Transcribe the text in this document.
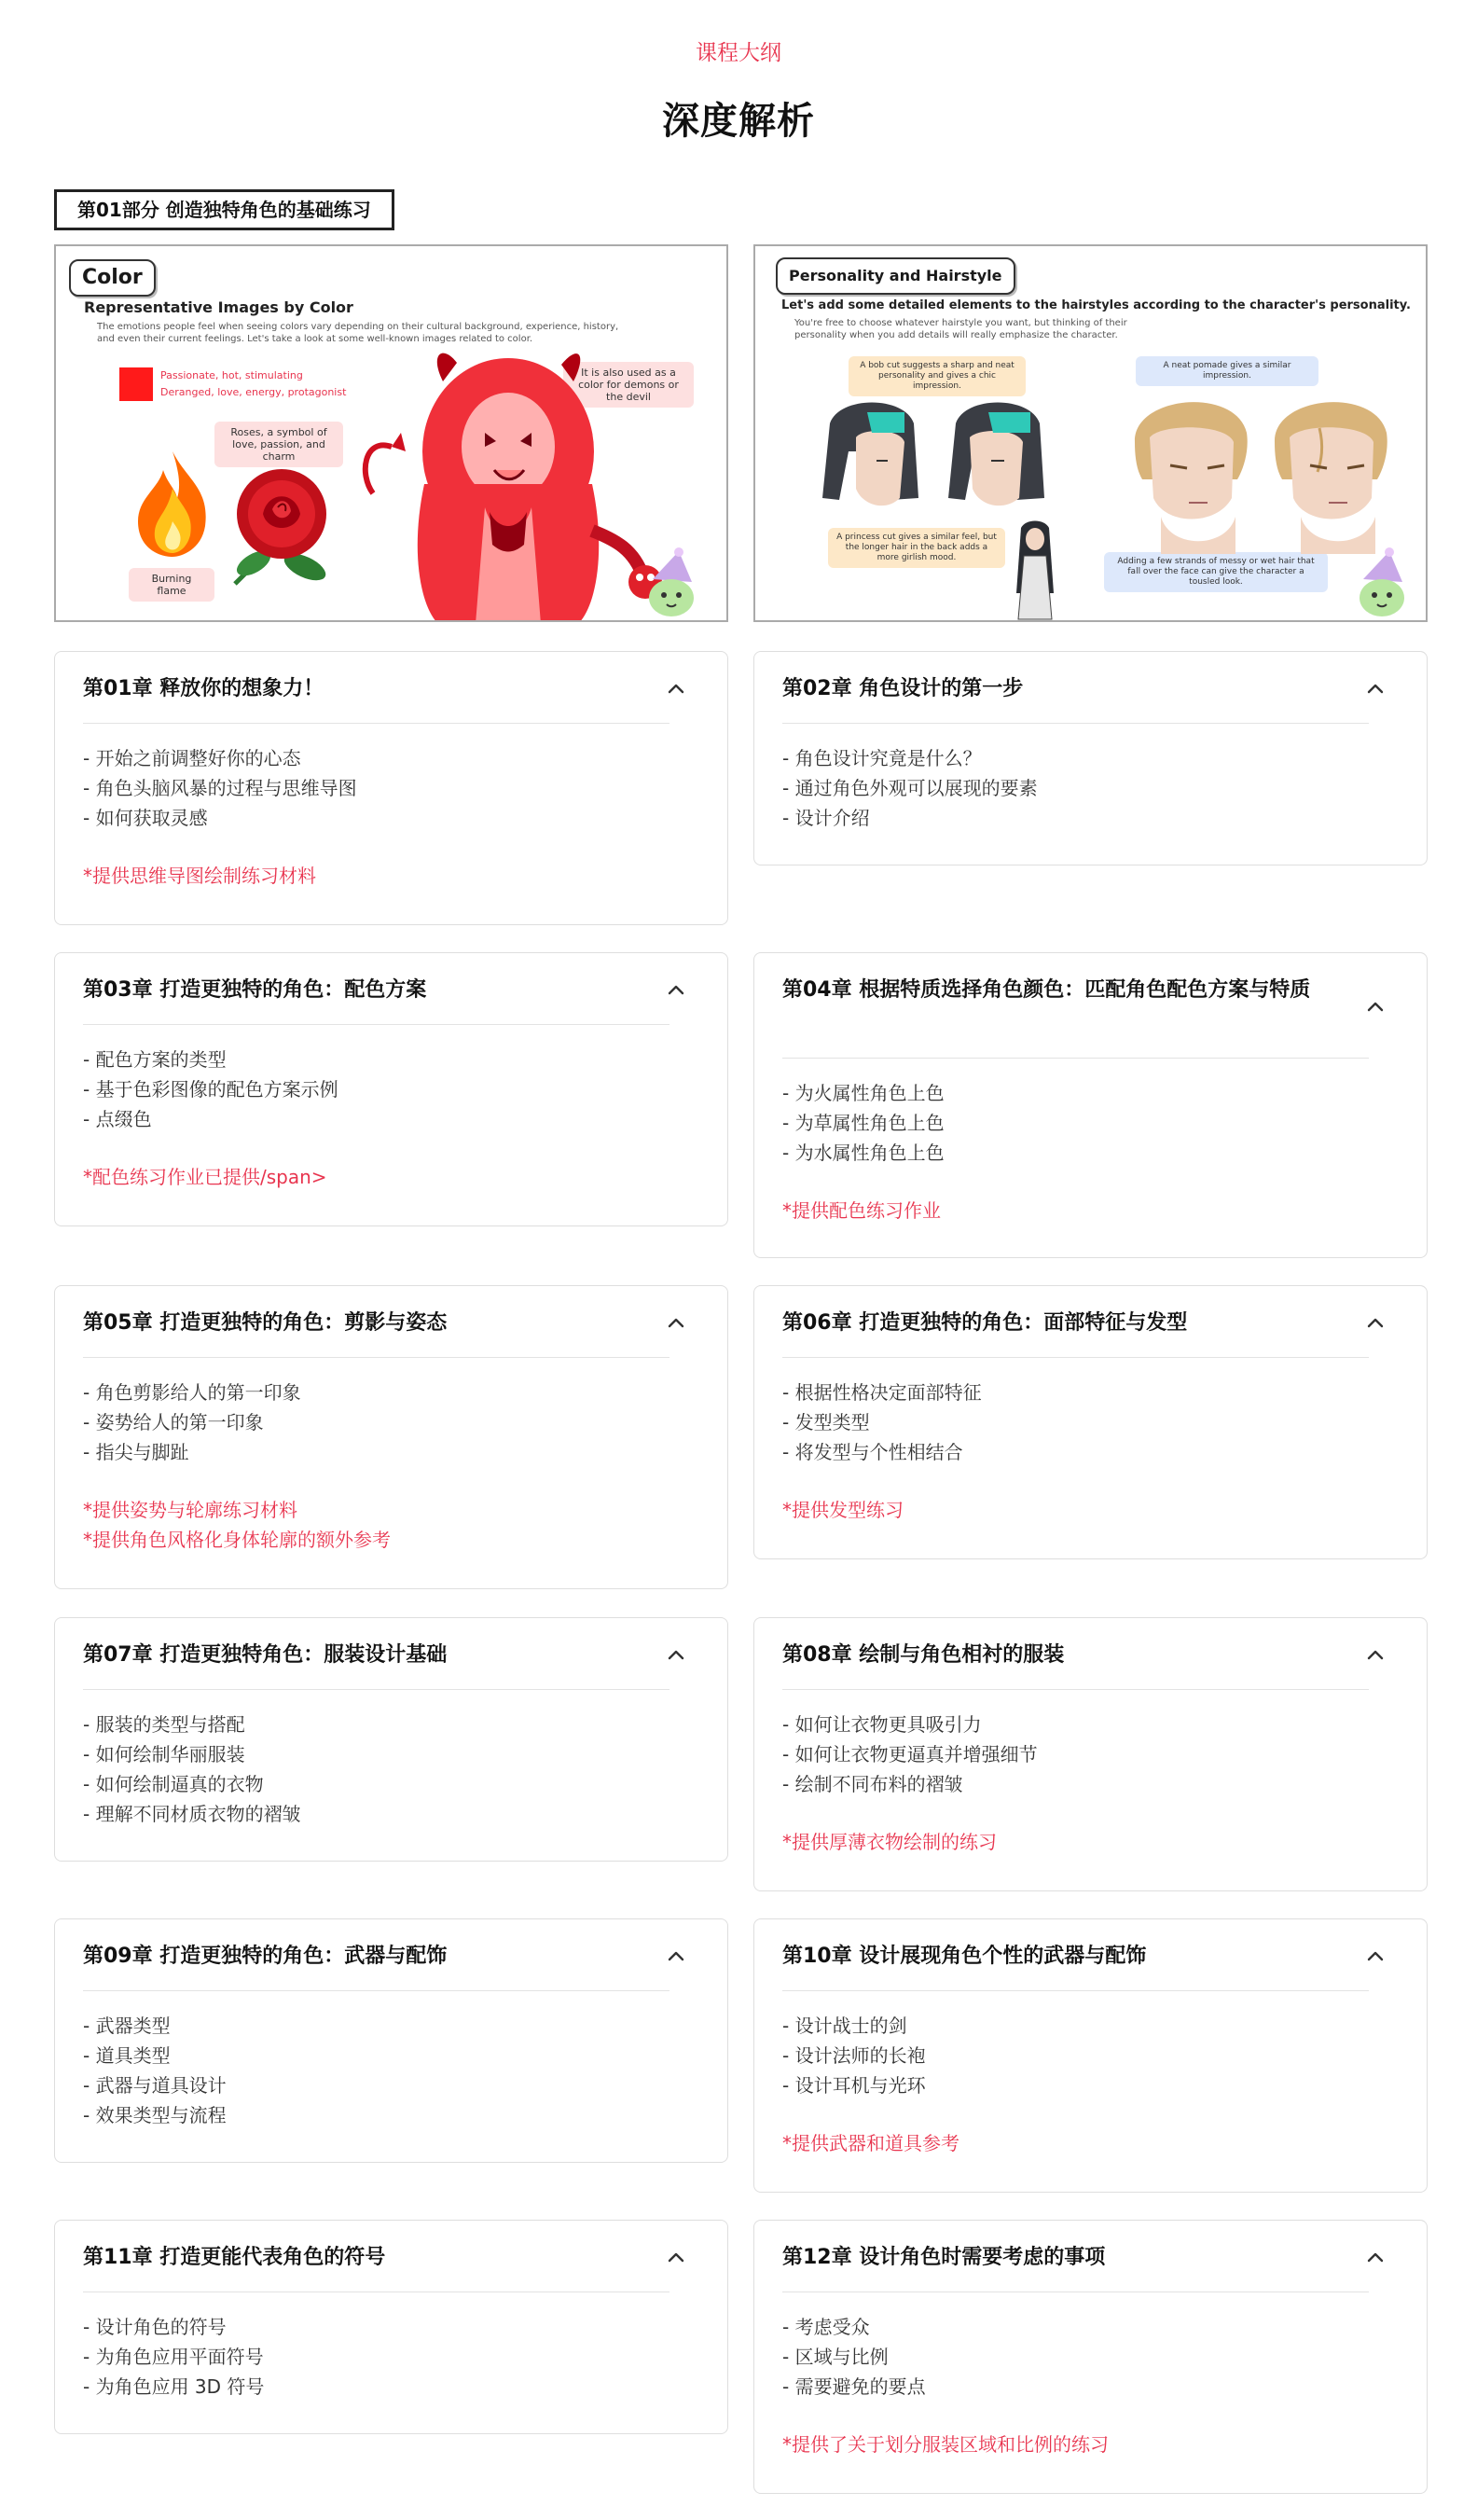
课程大纲
深度解析
第01部分 创造独特角色的基础练习
Color
Representative Images by Color
The emotions people feel when seeing colors vary depending on their cultural background, experience, history, and even their current feelings. Let's take a look at some well-known images related to color.
Passionate, hot, stimulating
Deranged, love, energy, protagonist
Roses, a symbol of love, passion, and charm
It is also used as a color for demons or the devil
Burning flame
Personality and Hairstyle
Let's add some detailed elements to the hairstyles according to the character's personality.
You're free to choose whatever hairstyle you want, but thinking of their personality when you add details will really emphasize the character.
A bob cut suggests a sharp and neat personality and gives a chic impression.
A princess cut gives a similar feel, but the longer hair in the back adds a more girlish mood.
A neat pomade gives a similar impression.
Adding a few strands of messy or wet hair that fall over the face can give the character a tousled look.
第01章 释放你的想象力！
- 开始之前调整好你的心态
- 角色头脑风暴的过程与思维导图
- 如何获取灵感
*提供思维导图绘制练习材料
第02章 角色设计的第一步
- 角色设计究竟是什么？
- 通过角色外观可以展现的要素
- 设计介绍
第03章 打造更独特的角色：配色方案
- 配色方案的类型
- 基于色彩图像的配色方案示例
- 点缀色
*配色练习作业已提供/span>
第04章 根据特质选择角色颜色：匹配角色配色方案与特质
- 为火属性角色上色
- 为草属性角色上色
- 为水属性角色上色
*提供配色练习作业
第05章 打造更独特的角色：剪影与姿态
- 角色剪影给人的第一印象
- 姿势给人的第一印象
- 指尖与脚趾
*提供姿势与轮廓练习材料
*提供角色风格化身体轮廓的额外参考
第06章 打造更独特的角色：面部特征与发型
- 根据性格决定面部特征
- 发型类型
- 将发型与个性相结合
*提供发型练习
第07章 打造更独特角色：服装设计基础
- 服装的类型与搭配
- 如何绘制华丽服装
- 如何绘制逼真的衣物
- 理解不同材质衣物的褶皱
第08章 绘制与角色相衬的服装
- 如何让衣物更具吸引力
- 如何让衣物更逼真并增强细节
- 绘制不同布料的褶皱
*提供厚薄衣物绘制的练习
第09章 打造更独特的角色：武器与配饰
- 武器类型
- 道具类型
- 武器与道具设计
- 效果类型与流程
第10章 设计展现角色个性的武器与配饰
- 设计战士的剑
- 设计法师的长袍
- 设计耳机与光环
*提供武器和道具参考
第11章 打造更能代表角色的符号
- 设计角色的符号
- 为角色应用平面符号
- 为角色应用 3D 符号
第12章 设计角色时需要考虑的事项
- 考虑受众
- 区域与比例
- 需要避免的要点
*提供了关于划分服装区域和比例的练习
